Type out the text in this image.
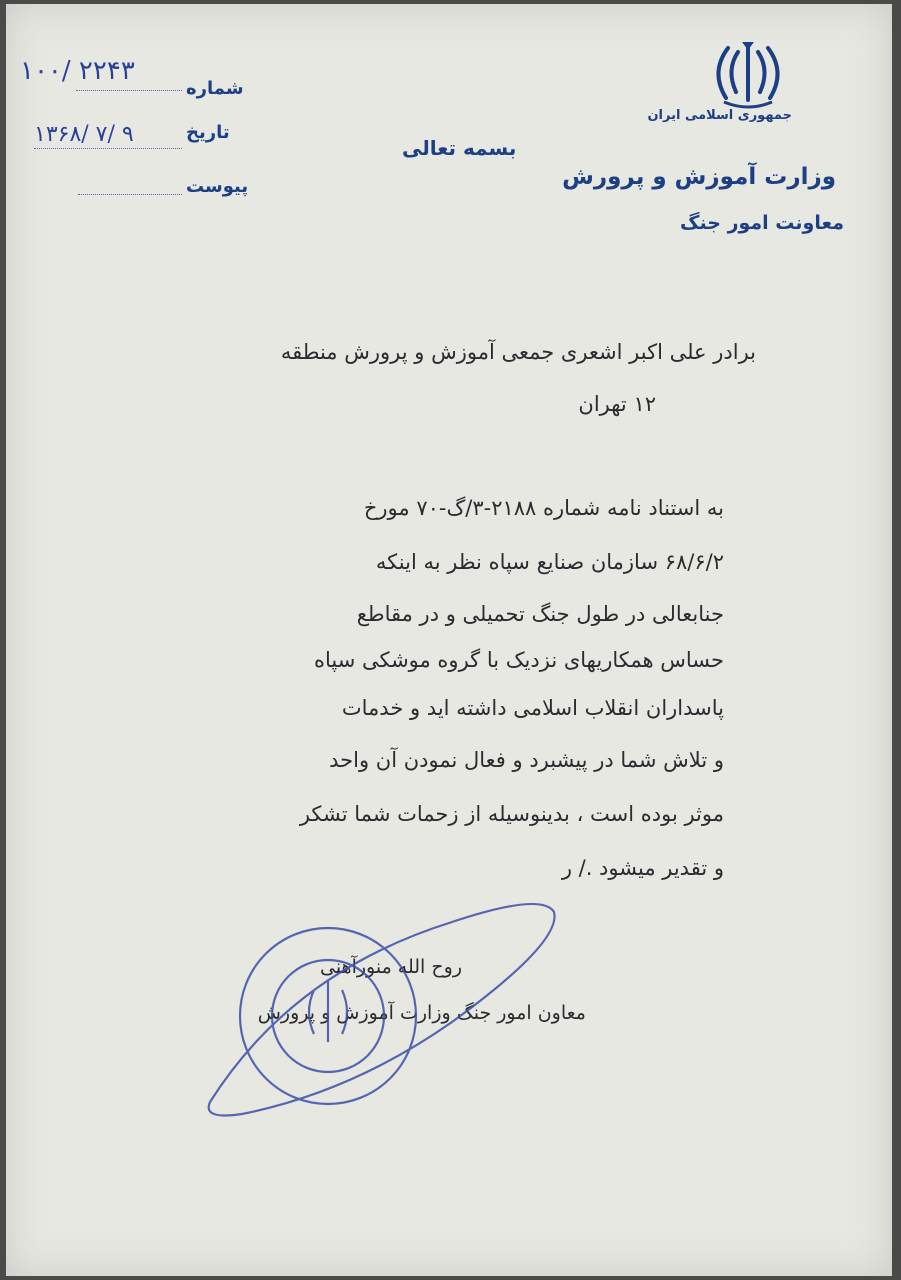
جمهوری اسلامی ایران
وزارت آموزش و پرورش
معاونت امور جنگ
بسمه تعالی
شماره
۱۰۰/ ۲۲۴۳
تاریخ
۱۳۶۸/ ۷/ ۹
پیوست
برادر علی اکبر اشعری جمعی آموزش و پرورش منطقه
۱۲ تهران
به استناد نامه شماره ۲۱۸۸-۳/گ-۷۰ مورخ
۶۸/۶/۲ سازمان صنایع سپاه نظر به اینکه
جنابعالی در طول جنگ تحمیلی و در مقاطع
حساس همکاریهای نزدیک با گروه موشکی سپاه
پاسداران انقلاب اسلامی داشته اید و خدمات
و تلاش شما در پیشبرد و فعال نمودن آن واحد
موثر بوده است ، بدینوسیله از زحمات شما تشکر
و تقدیر میشود ./ ر
روح الله منورآهنی
معاون امور جنگ وزارت آموزش و پرورش
